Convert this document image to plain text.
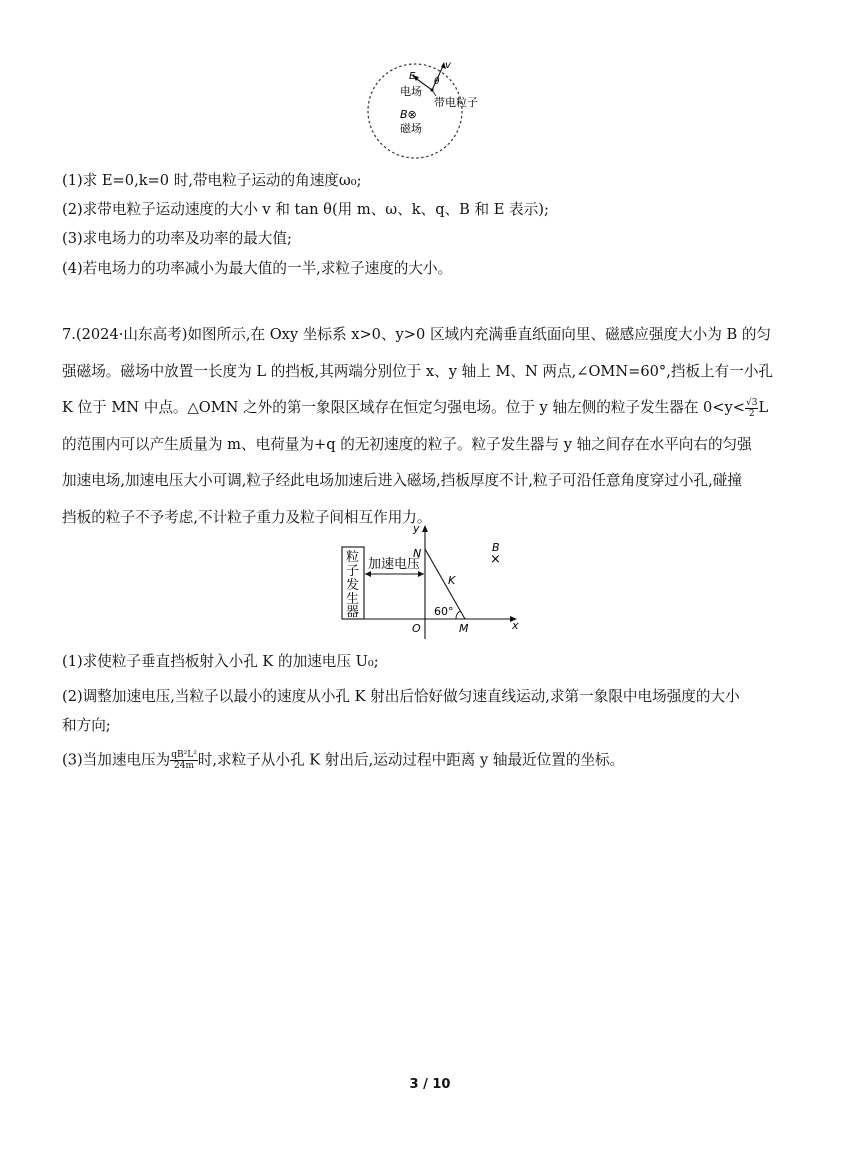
v
E θ
电场
带电粒子
B⊗
磁场
(1)求 E=0,k=0 时,带电粒子运动的角速度ω₀;
(2)求带电粒子运动速度的大小 v 和 tan θ(用 m、ω、k、q、B 和 E 表示);
(3)求电场力的功率及功率的最大值;
(4)若电场力的功率减小为最大值的一半,求粒子速度的大小。
7.(2024·山东高考)如图所示,在 Oxy 坐标系 x>0、y>0 区域内充满垂直纸面向里、磁感应强度大小为 B 的匀
强磁场。磁场中放置一长度为 L 的挡板,其两端分别位于 x、y 轴上 M、N 两点,∠OMN=60°,挡板上有一小孔
K 位于 MN 中点。△OMN 之外的第一象限区域存在恒定匀强电场。位于 y 轴左侧的粒子发生器在 $0<y< \frac{√3}{2}$ L
的范围内可以产生质量为 m、电荷量为+q 的无初速度的粒子。粒子发生器与 y 轴之间存在水平向右的匀强
加速电场,加速电压大小可调,粒子经此电场加速后进入磁场,挡板厚度不计,粒子可沿任意角度穿过小孔,碰撞
挡板的粒子不予考虑,不计粒子重力及粒子间相互作用力。
粒
子
发
生
器
加速电压
y
x
N
K
O	M
60°
B
×
(1)求使粒子垂直挡板射入小孔 K 的加速电压 U₀;
(2)调整加速电压,当粒子以最小的速度从小孔 K 射出后恰好做匀速直线运动,求第一象限中电场强度的大小
和方向;
(3)当加速电压为 $\frac{\text{qB²L²}}{24m}$ 时,求粒子从小孔 K 射出后,运动过程中距离 y 轴最近位置的坐标。
3 / 10
